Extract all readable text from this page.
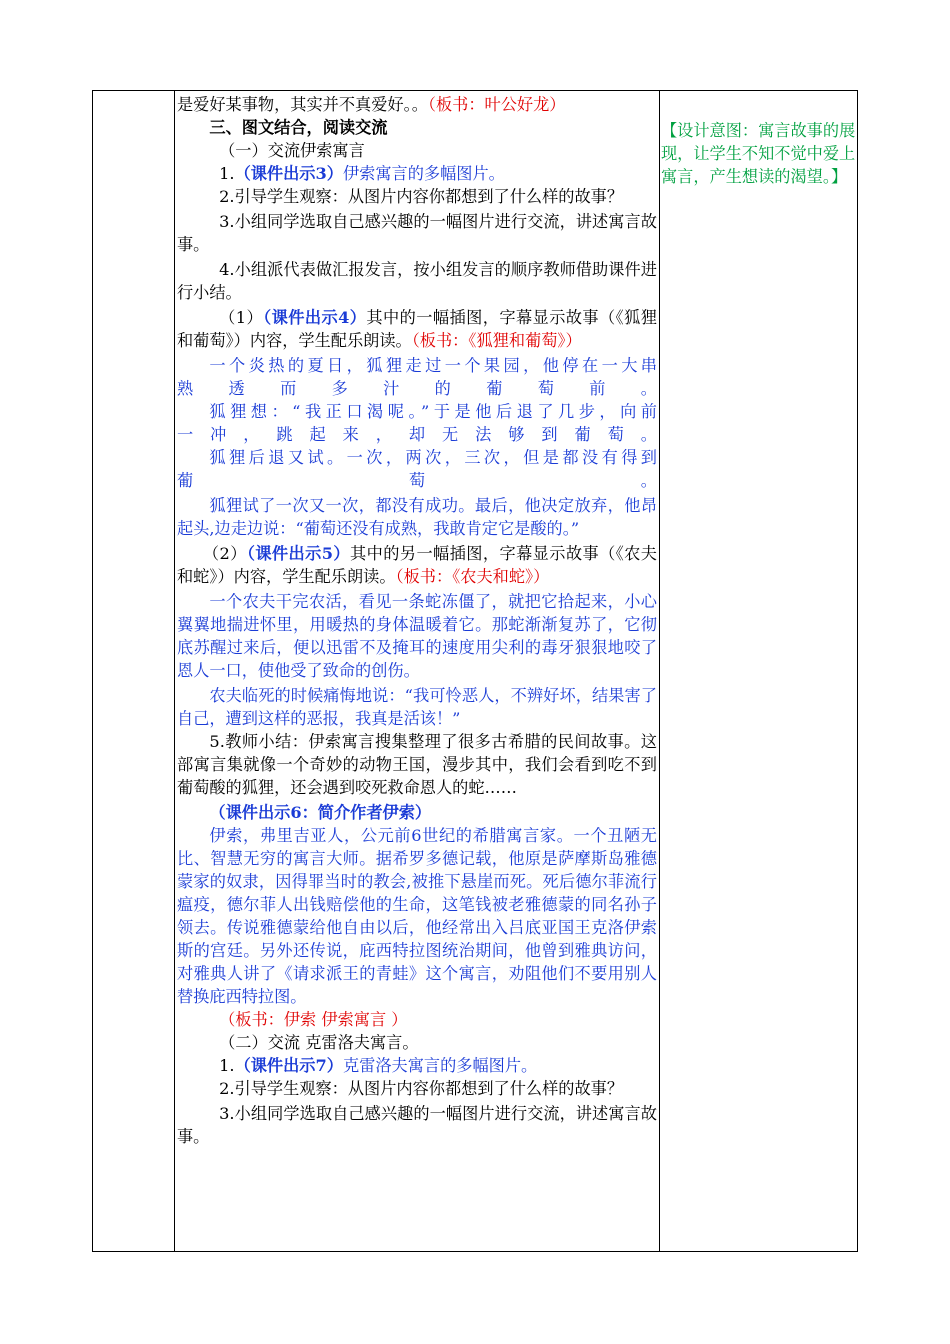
是爱好某事物，其实并不真爱好。。（板书：叶公好龙）

三、图文结合，阅读交流

（一）交流伊索寓言

1.（课件出示3）伊索寓言的多幅图片。

2.引导学生观察：从图片内容你都想到了什么样的故事？

3.小组同学选取自己感兴趣的一幅图片进行交流，讲述寓言故事。

4.小组派代表做汇报发言，按小组发言的顺序教师借助课件进行小结。

（1）（课件出示4）其中的一幅插图，字幕显示故事（《狐狸和葡萄》）内容，学生配乐朗读。（板书：《狐狸和葡萄》）

一个炎热的夏日，狐狸走过一个果园，他停在一大串

熟透而多汁的葡萄前。

狐狸想：“我正口渴呢。”于是他后退了几步，向前

一冲，跳起来，却无法够到葡萄。

狐狸后退又试。一次，两次，三次，但是都没有得到

葡萄。

狐狸试了一次又一次，都没有成功。最后，他决定放弃，他昂起头,边走边说：“葡萄还没有成熟，我敢肯定它是酸的。”

（2）（课件出示5）其中的另一幅插图，字幕显示故事（《农夫和蛇》）内容，学生配乐朗读。（板书：《农夫和蛇》）

一个农夫干完农活，看见一条蛇冻僵了，就把它拾起来，小心翼翼地揣进怀里，用暖热的身体温暖着它。那蛇渐渐复苏了，它彻底苏醒过来后，便以迅雷不及掩耳的速度用尖利的毒牙狠狠地咬了恩人一口，使他受了致命的创伤。

农夫临死的时候痛悔地说：“我可怜恶人，不辨好坏，结果害了自己，遭到这样的恶报，我真是活该！”

5.教师小结：伊索寓言搜集整理了很多古希腊的民间故事。这部寓言集就像一个奇妙的动物王国，漫步其中，我们会看到吃不到葡萄酸的狐狸，还会遇到咬死救命恩人的蛇……

（课件出示6：简介作者伊索）

伊索，弗里吉亚人，公元前6世纪的希腊寓言家。一个丑陋无比、智慧无穷的寓言大师。据希罗多德记载，他原是萨摩斯岛雅德蒙家的奴隶，因得罪当时的教会,被推下悬崖而死。死后德尔菲流行瘟疫，德尔菲人出钱赔偿他的生命，这笔钱被老雅德蒙的同名孙子领去。传说雅德蒙给他自由以后，他经常出入吕底亚国王克洛伊索斯的宫廷。另外还传说，庇西特拉图统治期间，他曾到雅典访问，对雅典人讲了《请求派王的青蛙》这个寓言，劝阻他们不要用别人替换庇西特拉图。

（板书：伊索 伊索寓言 ）

（二）交流 克雷洛夫寓言。

1.（课件出示7）克雷洛夫寓言的多幅图片。

2.引导学生观察：从图片内容你都想到了什么样的故事？

3.小组同学选取自己感兴趣的一幅图片进行交流，讲述寓言故事。

【设计意图：寓言故事的展现，让学生不知不觉中爱上寓言，产生想读的渴望。】
